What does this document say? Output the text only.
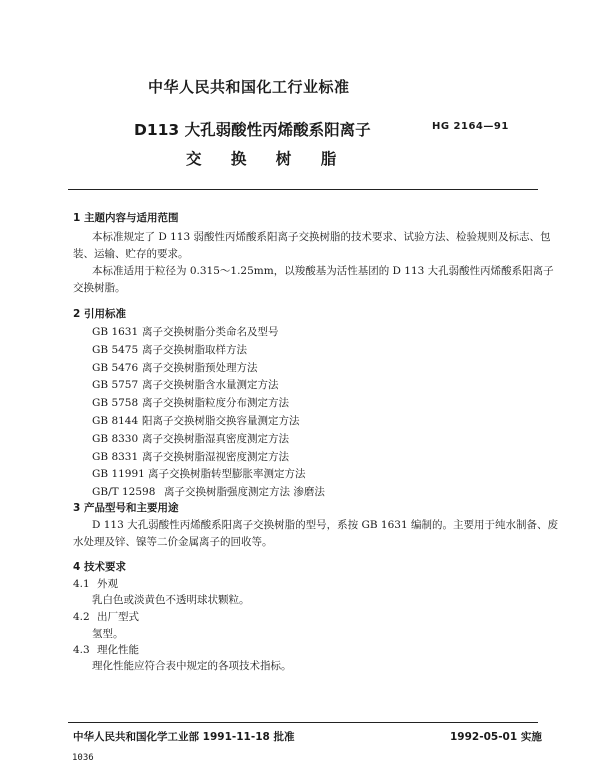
中华人民共和国化工行业标准
D113 大孔弱酸性丙烯酸系阳离子	HG 2164—91
交 换 树 脂
1 主题内容与适用范围
本标准规定了 D 113 弱酸性丙烯酸系阳离子交换树脂的技术要求、试验方法、检验规则及标志、包
装、运输、贮存的要求。
本标准适用于粒径为 0.315～1.25mm，以羧酸基为活性基团的 D 113 大孔弱酸性丙烯酸系阳离子
交换树脂。
2 引用标准
GB 1631 离子交换树脂分类命名及型号
GB 5475 离子交换树脂取样方法
GB 5476 离子交换树脂预处理方法
GB 5757 离子交换树脂含水量测定方法
GB 5758 离子交换树脂粒度分布测定方法
GB 8144 阳离子交换树脂交换容量测定方法
GB 8330 离子交换树脂湿真密度测定方法
GB 8331 离子交换树脂湿视密度测定方法
GB 11991 离子交换树脂转型膨胀率测定方法
GB/T 12598 离子交换树脂强度测定方法 渗磨法
3 产品型号和主要用途
D 113 大孔弱酸性丙烯酸系阳离子交换树脂的型号，系按 GB 1631 编制的。主要用于纯水制备、废
水处理及锌、镍等二价金属离子的回收等。
4 技术要求
4.1 外观
乳白色或淡黄色不透明球状颗粒。
4.2 出厂型式
氢型。
4.3 理化性能
理化性能应符合表中规定的各项技术指标。
中华人民共和国化学工业部 1991-11-18 批准	1992-05-01 实施
1036
